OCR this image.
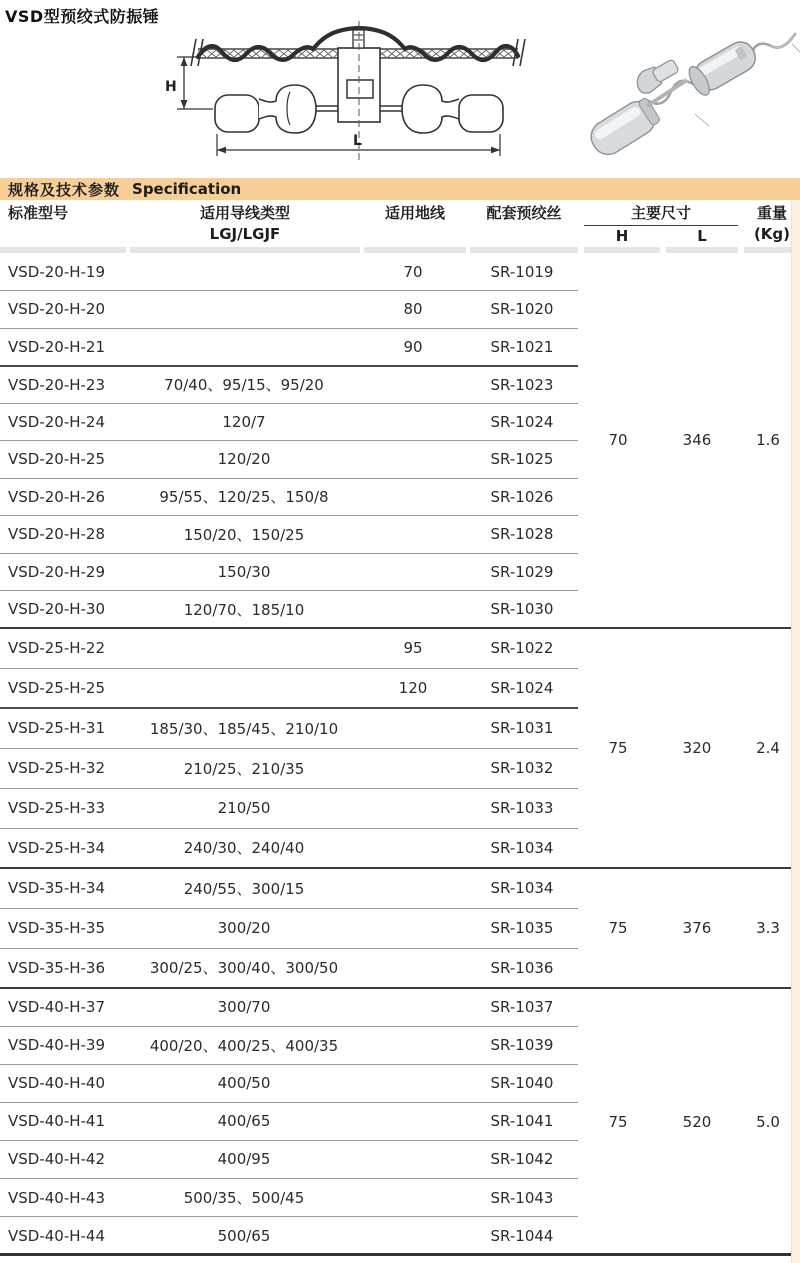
VSD型预绞式防振锤
H
L
规格及技术参数 Specification
标准型号	适用导线类型
LGJ/LGJF
适用地线	配套预绞丝	主要尺寸
H	L
重量
(Kg)
VSD-20-H-19		70	SR-1019	70	346	1.6
VSD-20-H-20		80	SR-1020			
VSD-20-H-21		90	SR-1021			
VSD-20-H-23	70/40、95/15、95/20		SR-1023			
VSD-20-H-24	120/7		SR-1024			
VSD-20-H-25	120/20		SR-1025			
VSD-20-H-26	95/55、120/25、150/8		SR-1026			
VSD-20-H-28	150/20、150/25		SR-1028			
VSD-20-H-29	150/30		SR-1029			
VSD-20-H-30	120/70、185/10		SR-1030			
VSD-25-H-22		95	SR-1022	75	320	2.4
VSD-25-H-25		120	SR-1024			
VSD-25-H-31	185/30、185/45、210/10		SR-1031			
VSD-25-H-32	210/25、210/35		SR-1032			
VSD-25-H-33	210/50		SR-1033			
VSD-25-H-34	240/30、240/40		SR-1034			
VSD-35-H-34	240/55、300/15		SR-1034	75	376	3.3
VSD-35-H-35	300/20		SR-1035			
VSD-35-H-36	300/25、300/40、300/50		SR-1036			
VSD-40-H-37	300/70		SR-1037	75	520	5.0
VSD-40-H-39	400/20、400/25、400/35		SR-1039			
VSD-40-H-40	400/50		SR-1040			
VSD-40-H-41	400/65		SR-1041			
VSD-40-H-42	400/95		SR-1042			
VSD-40-H-43	500/35、500/45		SR-1043			
VSD-40-H-44	500/65		SR-1044			
